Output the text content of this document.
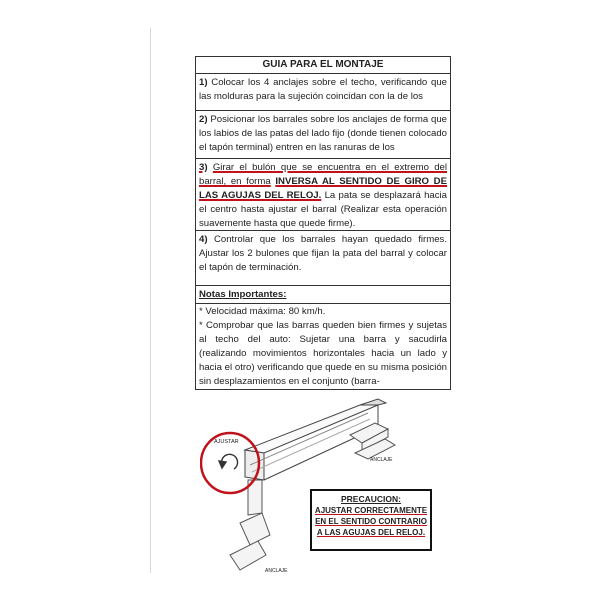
GUIA PARA EL MONTAJE
1) Colocar los 4 anclajes sobre el techo, verificando que las molduras para la sujeción coincidan con la de los
2) Posicionar los barrales sobre los anclajes de forma que los labios de las patas del lado fijo (donde tienen colocado el tapón terminal) entren en las ranuras de los
3) Girar el bulón que se encuentra en el extremo del barral, en forma INVERSA AL SENTIDO DE GIRO DE LAS AGUJAS DEL RELOJ. La pata se desplazará hacia el centro hasta ajustar el barral (Realizar esta operación suavemente hasta que quede firme).
4) Controlar que los barrales hayan quedado firmes. Ajustar los 2 bulones que fijan la pata del barral y colocar el tapón de terminación.
Notas Importantes:
* Velocidad máxima: 80 km/h.
* Comprobar que las barras queden bien firmes y sujetas al techo del auto: Sujetar una barra y sacudirla (realizando movimientos horizontales hacia un lado y hacia el otro) verificando que quede en su misma posición sin desplazamientos en el conjunto (barra-
AJUSTAR
ANCLAJE
ANCLAJE
PRECAUCION:
AJUSTAR CORRECTAMENTE
EN EL SENTIDO CONTRARIO
A LAS AGUJAS DEL RELOJ.
